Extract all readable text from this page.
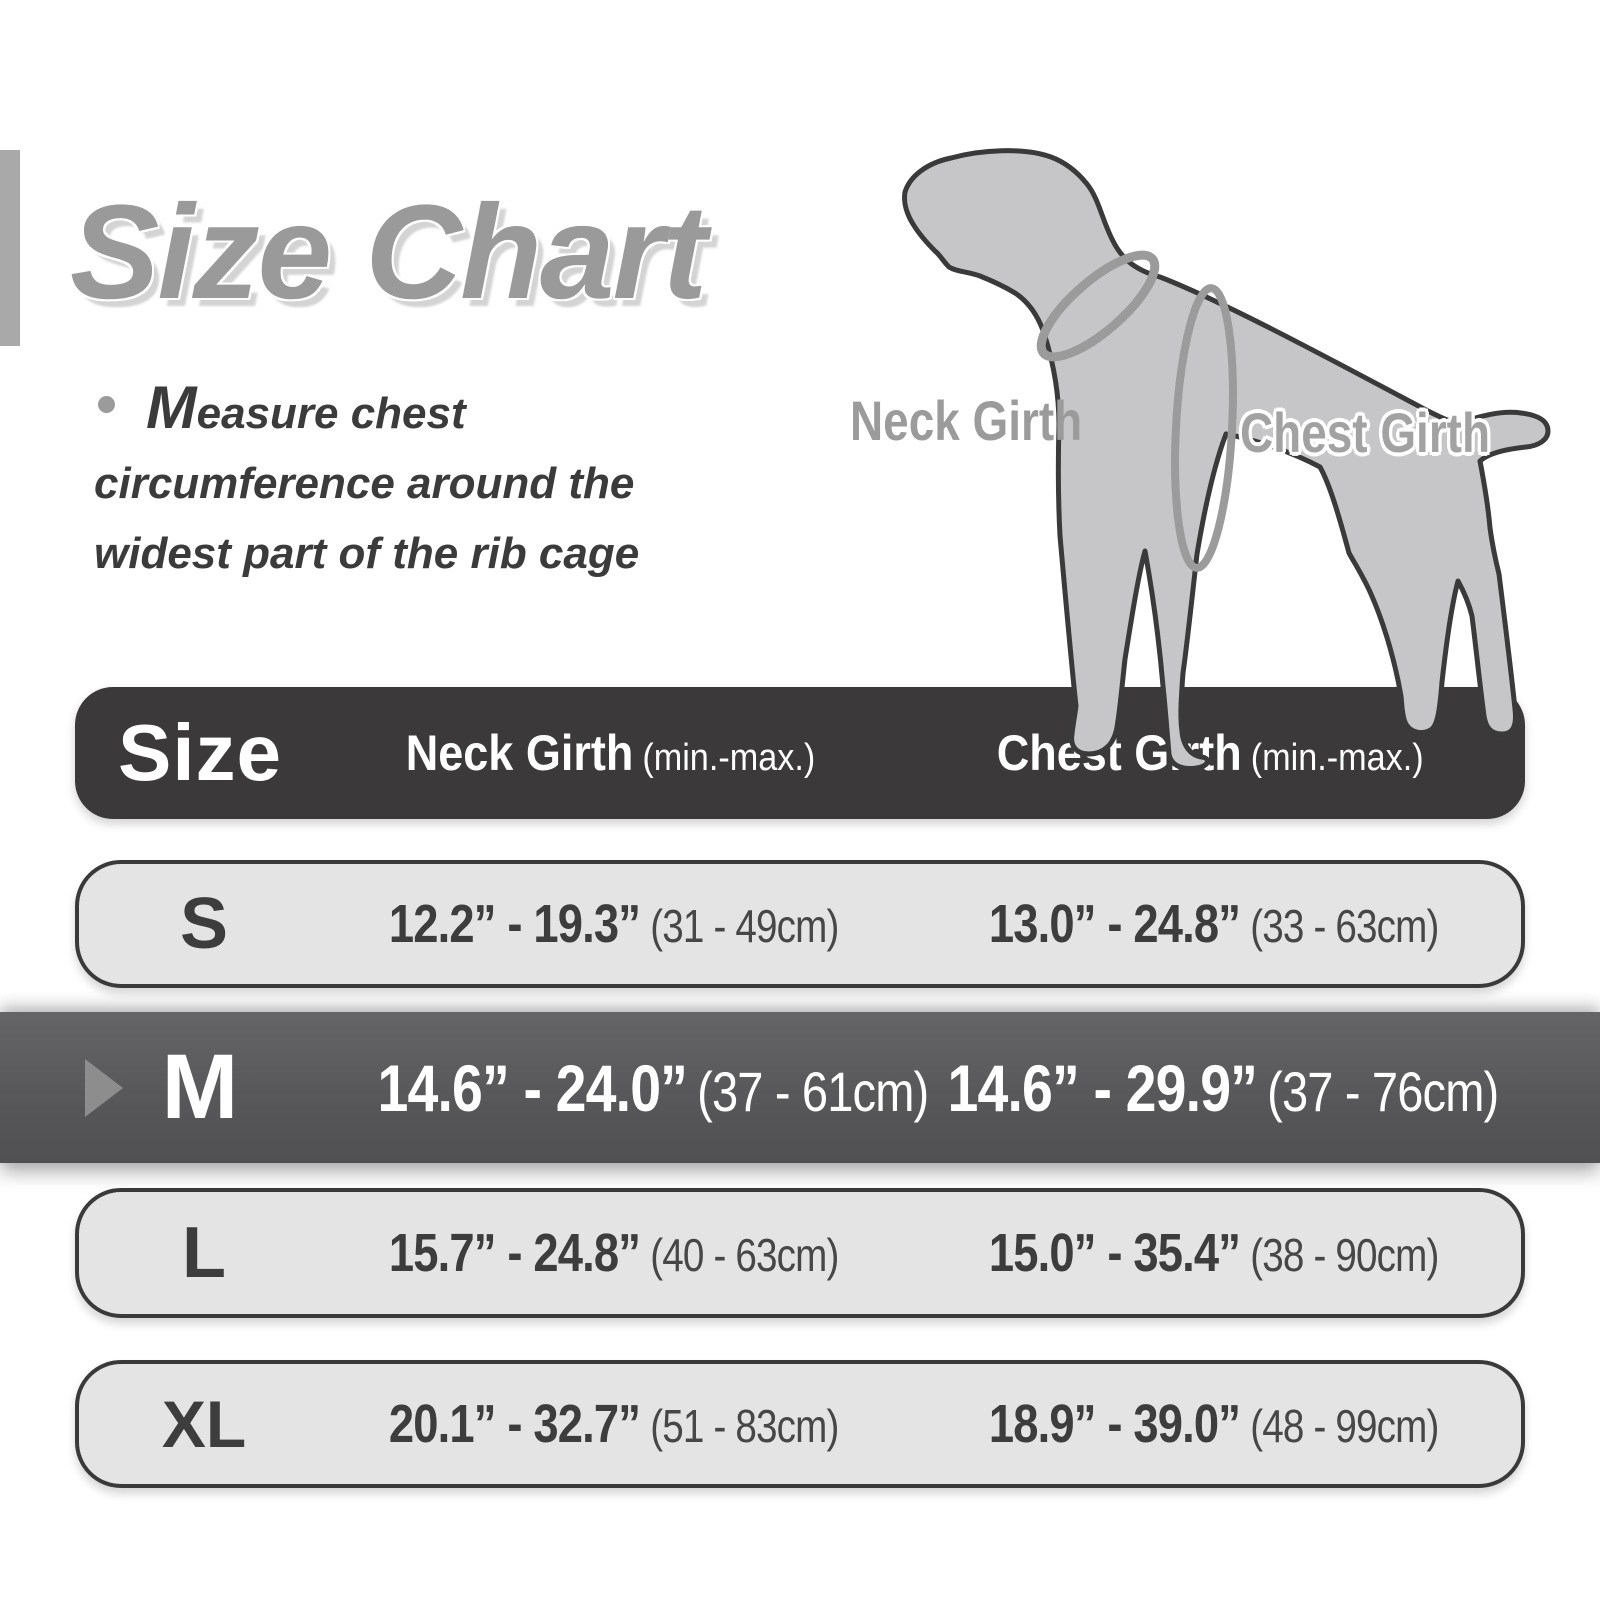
Size Chart
Measure chest
circumference around the
widest part of the rib cage
Neck Girth	Chest Girth
Size	Neck Girth (min.-max.)	Chest Girth (min.-max.)
S	12.2” - 19.3” (31 - 49cm)	13.0” - 24.8” (33 - 63cm)
M	14.6” - 24.0” (37 - 61cm) 14.6” - 29.9” (37 - 76cm)
L	15.7” - 24.8” (40 - 63cm)	15.0” - 35.4” (38 - 90cm)
XL	20.1” - 32.7” (51 - 83cm)	18.9” - 39.0” (48 - 99cm)
